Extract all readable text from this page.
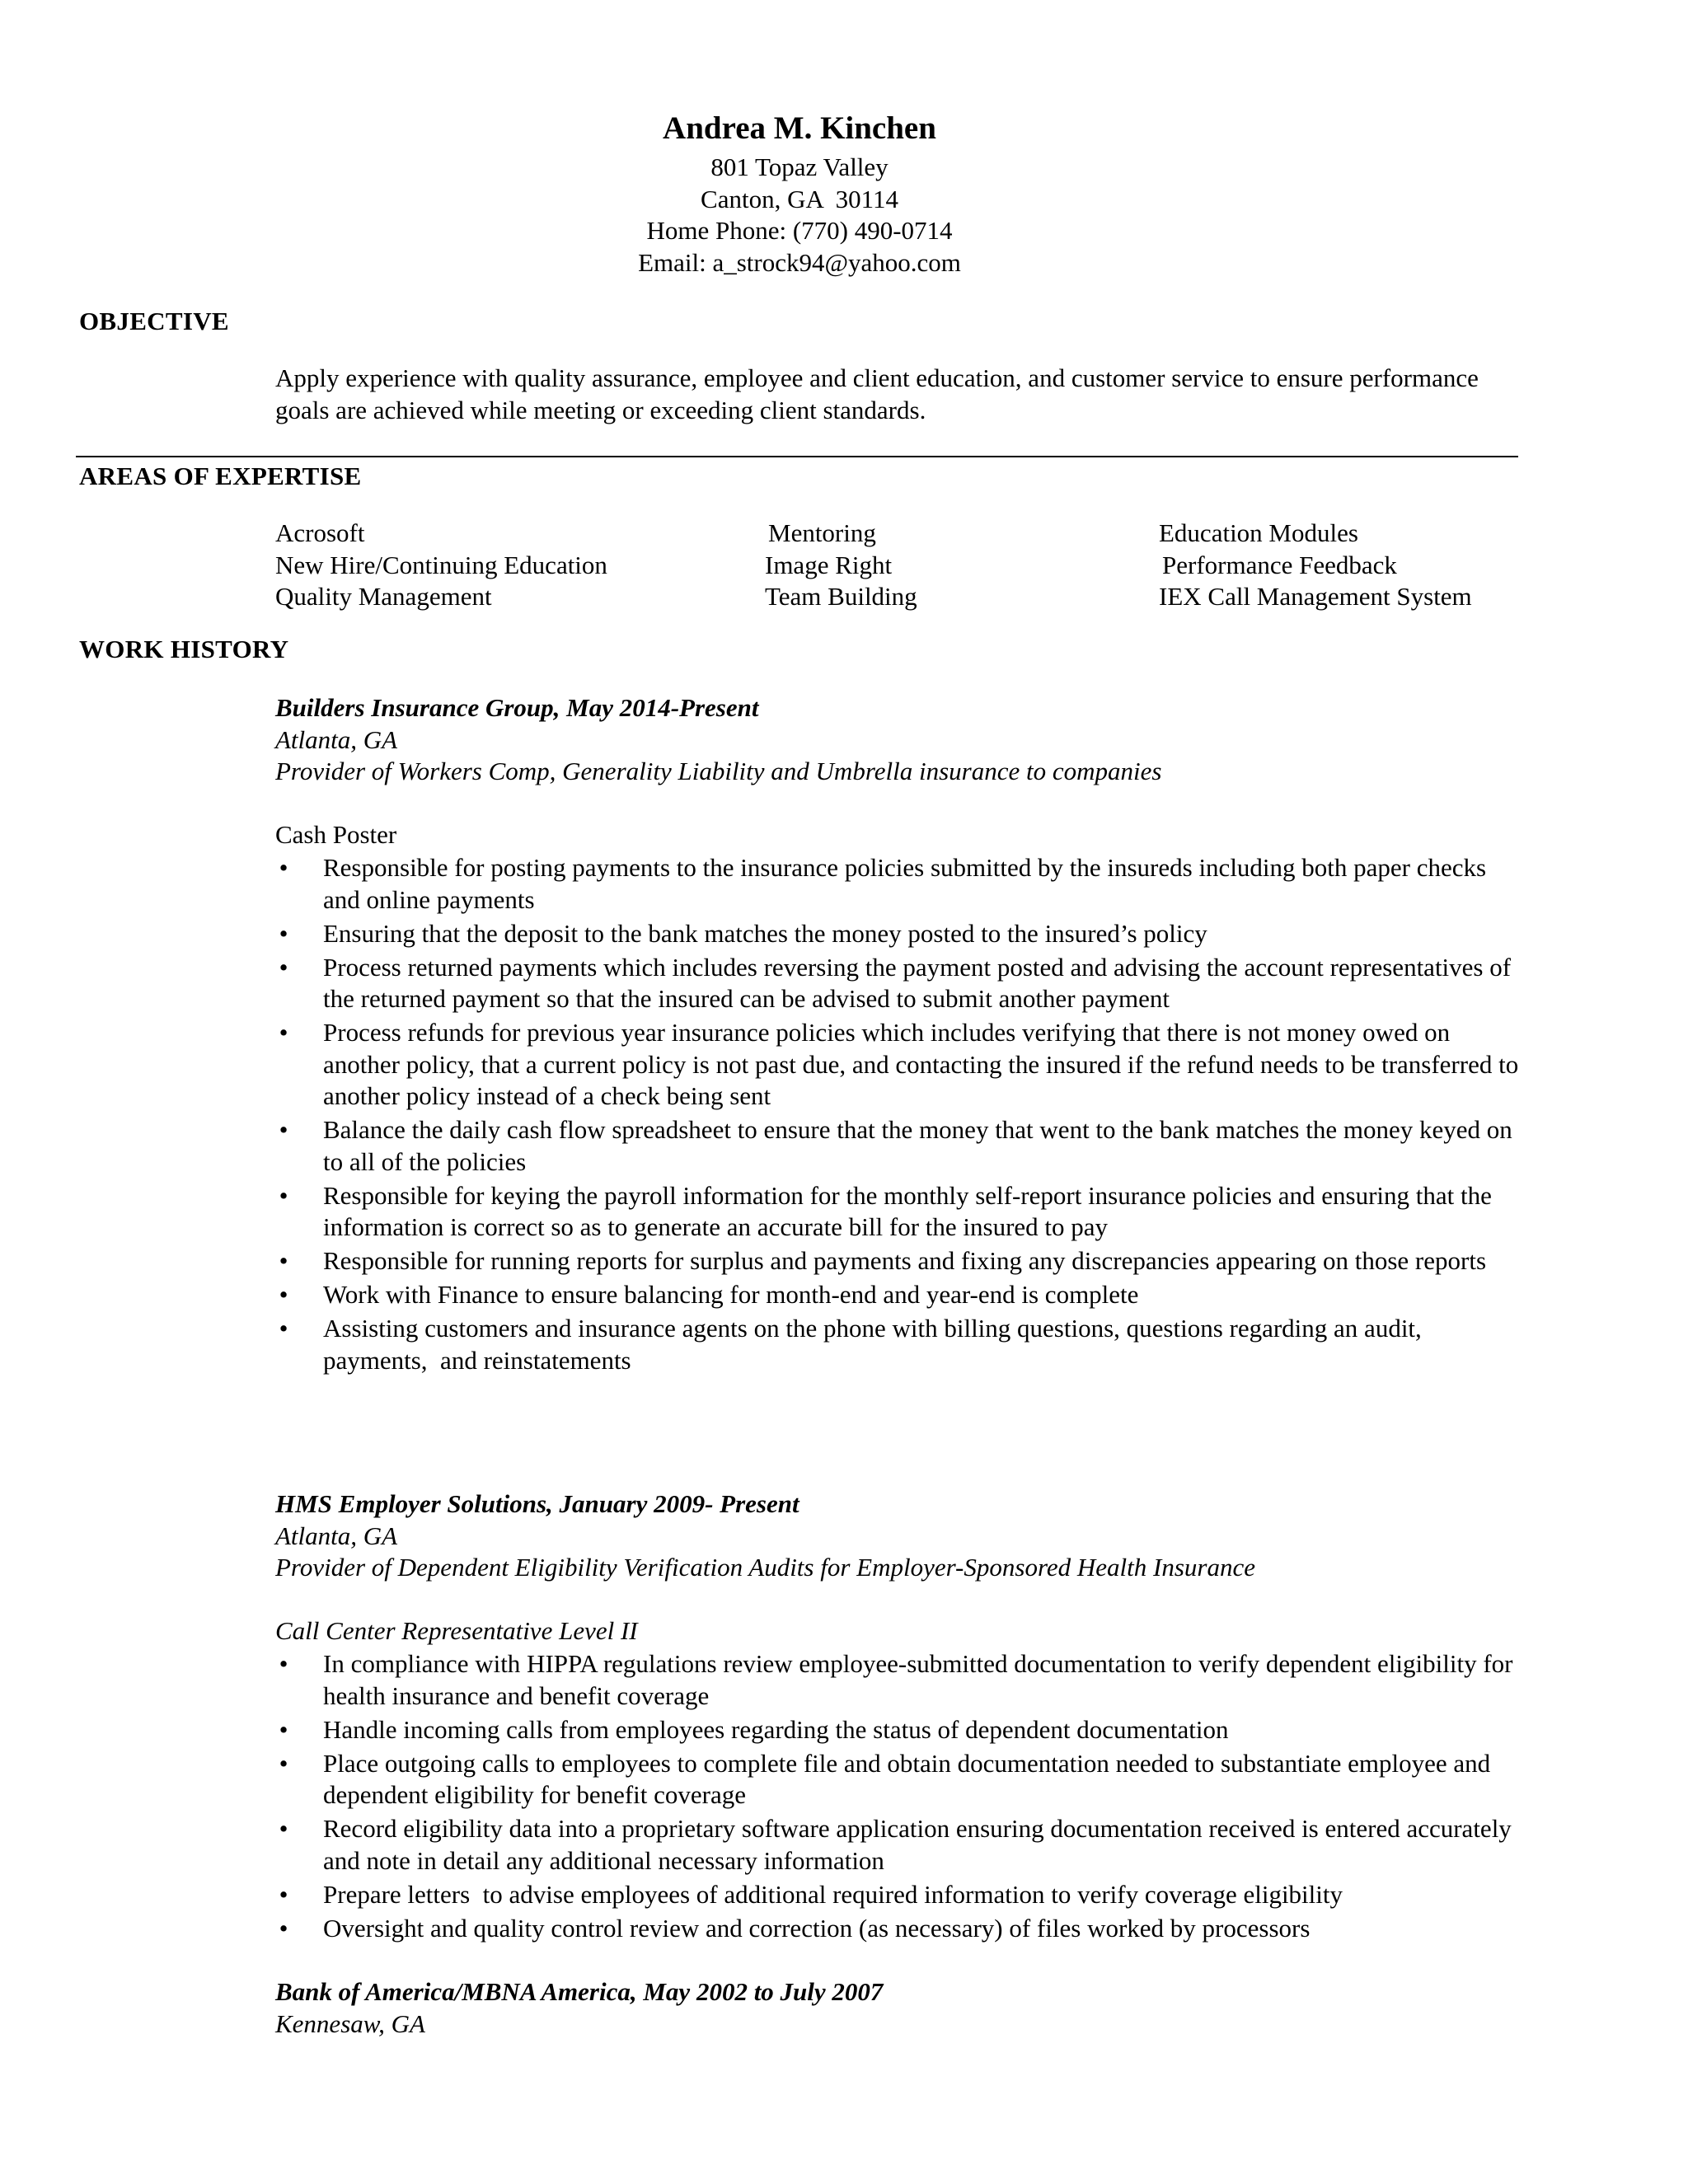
Andrea M. Kinchen
801 Topaz Valley
Canton, GA  30114
Home Phone: (770) 490-0714
Email: a_strock94@yahoo.com
OBJECTIVE
Apply experience with quality assurance, employee and client education, and customer service to ensure performance goals are achieved while meeting or exceeding client standards.
AREAS OF EXPERTISE
Acrosoft	Mentoring	Education Modules
New Hire/Continuing Education	Image Right	Performance Feedback
Quality Management	Team Building	IEX Call Management System
WORK HISTORY
Builders Insurance Group, May 2014-Present
Atlanta, GA
Provider of Workers Comp, Generality Liability and Umbrella insurance to companies
Cash Poster
• Responsible for posting payments to the insurance policies submitted by the insureds including both paper checks and online payments
• Ensuring that the deposit to the bank matches the money posted to the insured’s policy
• Process returned payments which includes reversing the payment posted and advising the account representatives of the returned payment so that the insured can be advised to submit another payment
• Process refunds for previous year insurance policies which includes verifying that there is not money owed on another policy, that a current policy is not past due, and contacting the insured if the refund needs to be transferred to another policy instead of a check being sent
• Balance the daily cash flow spreadsheet to ensure that the money that went to the bank matches the money keyed on to all of the policies
• Responsible for keying the payroll information for the monthly self-report insurance policies and ensuring that the information is correct so as to generate an accurate bill for the insured to pay
• Responsible for running reports for surplus and payments and fixing any discrepancies appearing on those reports
• Work with Finance to ensure balancing for month-end and year-end is complete
• Assisting customers and insurance agents on the phone with billing questions, questions regarding an audit, payments,  and reinstatements
HMS Employer Solutions, January 2009- Present
Atlanta, GA
Provider of Dependent Eligibility Verification Audits for Employer-Sponsored Health Insurance
Call Center Representative Level II
• In compliance with HIPPA regulations review employee-submitted documentation to verify dependent eligibility for health insurance and benefit coverage
• Handle incoming calls from employees regarding the status of dependent documentation
• Place outgoing calls to employees to complete file and obtain documentation needed to substantiate employee and dependent eligibility for benefit coverage
• Record eligibility data into a proprietary software application ensuring documentation received is entered accurately and note in detail any additional necessary information
• Prepare letters  to advise employees of additional required information to verify coverage eligibility
• Oversight and quality control review and correction (as necessary) of files worked by processors
Bank of America/MBNA America, May 2002 to July 2007
Kennesaw, GA
